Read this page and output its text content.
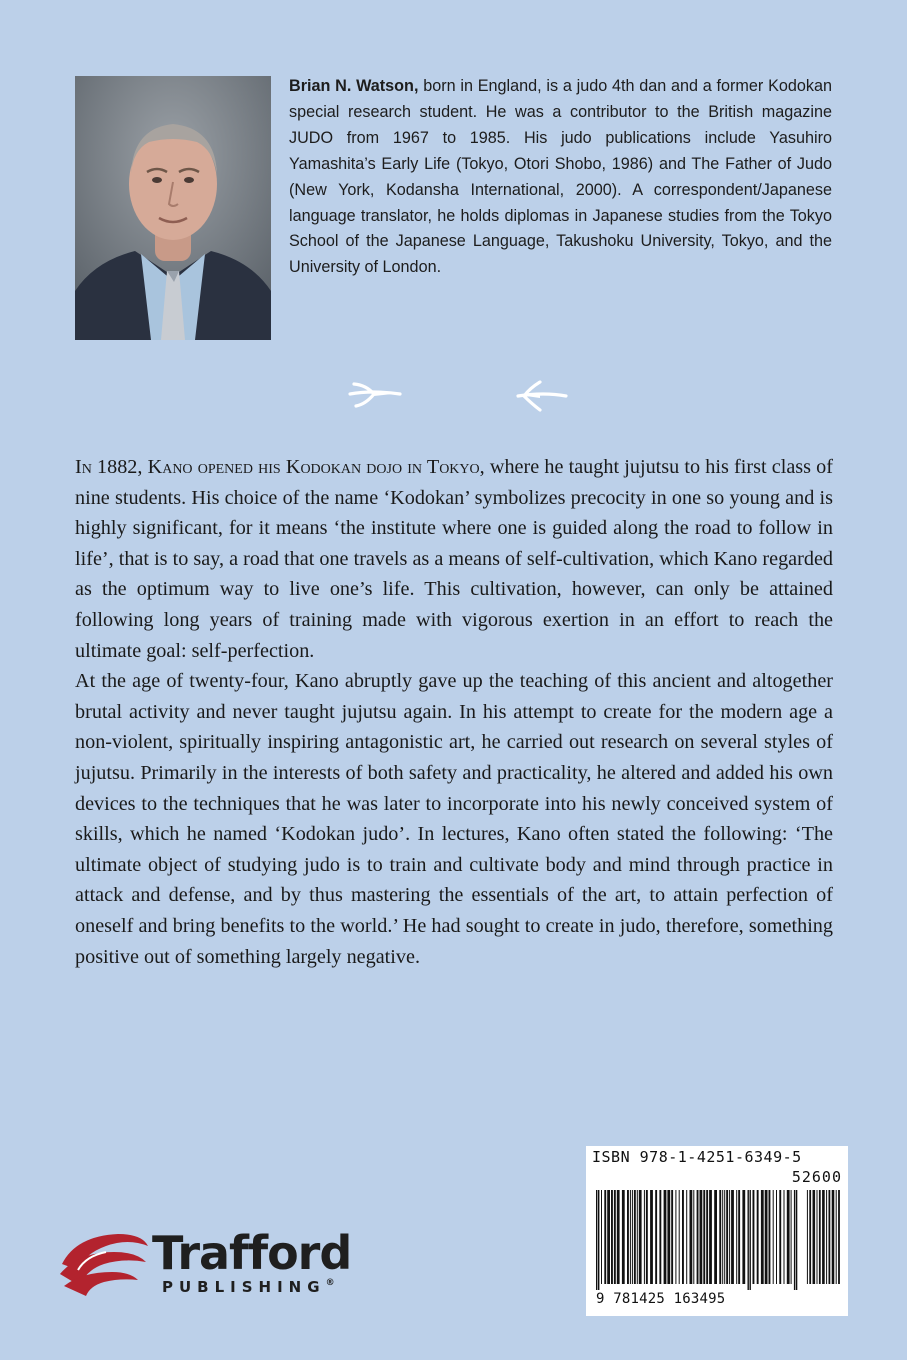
Brian N. Watson, born in England, is a judo 4th dan and a former Kodokan special research student. He was a contributor to the British magazine JUDO from 1967 to 1985. His judo publications include Yasuhiro Yamashita’s Early Life (Tokyo, Otori Shobo, 1986) and The Father of Judo (New York, Kodansha International, 2000). A correspondent/Japanese language translator, he holds diplomas in Japanese studies from the Tokyo School of the Japanese Language, Takushoku University, Tokyo, and the University of London.

In 1882, Kano opened his Kodokan dojo in Tokyo, where he taught jujutsu to his first class of nine students. His choice of the name ‘Kodokan’ symbolizes precocity in one so young and is highly significant, for it means ‘the institute where one is guided along the road to follow in life’, that is to say, a road that one travels as a means of self-cultivation, which Kano regarded as the optimum way to live one’s life. This cultivation, however, can only be attained following long years of training made with vigorous exertion in an effort to reach the ultimate goal: self-perfection.

At the age of twenty-four, Kano abruptly gave up the teaching of this ancient and altogether brutal activity and never taught jujutsu again. In his attempt to create for the modern age a non-violent, spiritually inspiring antagonistic art, he carried out research on several styles of jujutsu. Primarily in the interests of both safety and practicality, he altered and added his own devices to the techniques that he was later to incorporate into his newly conceived system of skills, which he named ‘Kodokan judo’. In lectures, Kano often stated the following: ‘The ultimate object of studying judo is to train and cultivate body and mind through practice in attack and defense, and by thus mastering the essentials of the art, to attain perfection of oneself and bring benefits to the world.’ He had sought to create in judo, therefore, something positive out of something largely negative.

ISBN 978-1-4251-6349-5
52600
9 781425 163495
Trafford
PUBLISHING®
